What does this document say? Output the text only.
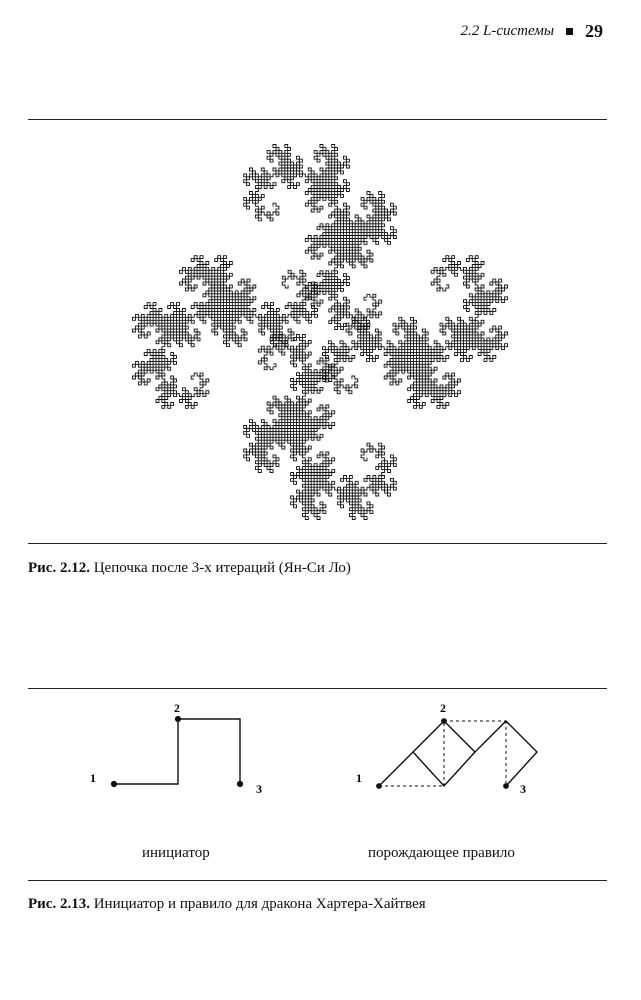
2.2 L-системы 29
Рис. 2.12. Цепочка после 3-х итераций (Ян-Си Ло)
1
2
3
1
2
3
инициатор	порождающее правило
Рис. 2.13. Инициатор и правило для дракона Хартера-Хайтвея
